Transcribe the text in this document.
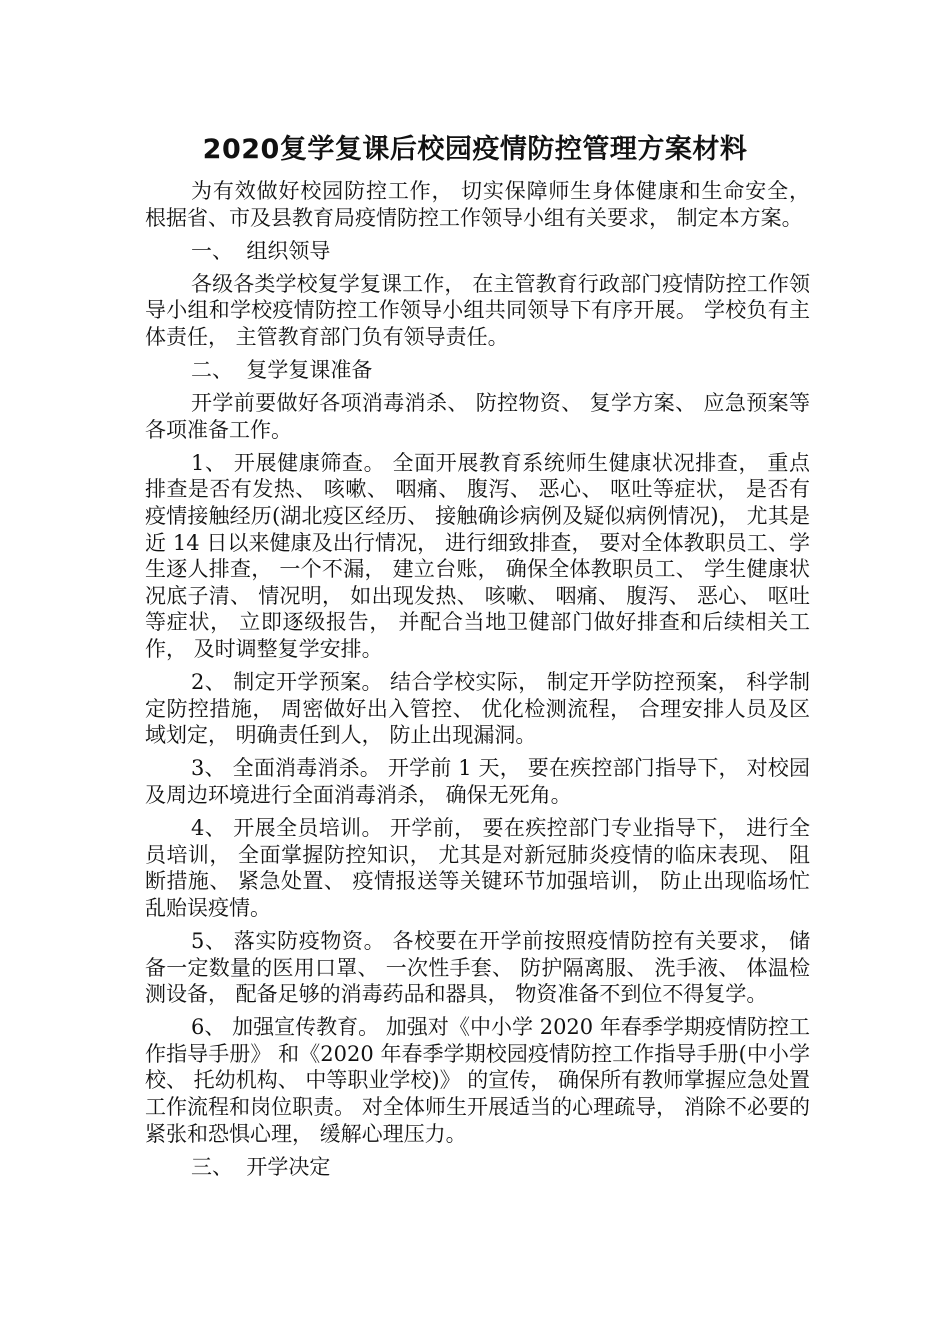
2020复学复课后校园疫情防控管理方案材料

为有效做好校园防控工作， 切实保障师生身体健康和生命安全， 根据省、市及县教育局疫情防控工作领导小组有关要求， 制定本方案。

一、  组织领导

各级各类学校复学复课工作， 在主管教育行政部门疫情防控工作领导小组和学校疫情防控工作领导小组共同领导下有序开展。 学校负有主体责任， 主管教育部门负有领导责任。

二、  复学复课准备

开学前要做好各项消毒消杀、 防控物资、 复学方案、 应急预案等各项准备工作。

1、 开展健康筛查。 全面开展教育系统师生健康状况排查， 重点排查是否有发热、 咳嗽、 咽痛、 腹泻、 恶心、 呕吐等症状， 是否有疫情接触经历(湖北疫区经历、 接触确诊病例及疑似病例情况)， 尤其是近 14 日以来健康及出行情况， 进行细致排查， 要对全体教职员工、学生逐人排查， 一个不漏， 建立台账， 确保全体教职员工、 学生健康状况底子清、 情况明， 如出现发热、 咳嗽、 咽痛、 腹泻、 恶心、 呕吐等症状， 立即逐级报告， 并配合当地卫健部门做好排查和后续相关工作， 及时调整复学安排。

2、 制定开学预案。 结合学校实际， 制定开学防控预案， 科学制定防控措施， 周密做好出入管控、 优化检测流程， 合理安排人员及区域划定， 明确责任到人， 防止出现漏洞。

3、 全面消毒消杀。 开学前 1 天， 要在疾控部门指导下， 对校园及周边环境进行全面消毒消杀， 确保无死角。

4、 开展全员培训。 开学前， 要在疾控部门专业指导下， 进行全员培训， 全面掌握防控知识， 尤其是对新冠肺炎疫情的临床表现、 阻断措施、 紧急处置、 疫情报送等关键环节加强培训， 防止出现临场忙乱贻误疫情。

5、 落实防疫物资。 各校要在开学前按照疫情防控有关要求， 储备一定数量的医用口罩、 一次性手套、 防护隔离服、 洗手液、 体温检测设备， 配备足够的消毒药品和器具， 物资准备不到位不得复学。

6、 加强宣传教育。 加强对《中小学 2020 年春季学期疫情防控工作指导手册》 和《2020 年春季学期校园疫情防控工作指导手册(中小学校、 托幼机构、 中等职业学校)》 的宣传， 确保所有教师掌握应急处置工作流程和岗位职责。 对全体师生开展适当的心理疏导， 消除不必要的紧张和恐惧心理， 缓解心理压力。

三、  开学决定
